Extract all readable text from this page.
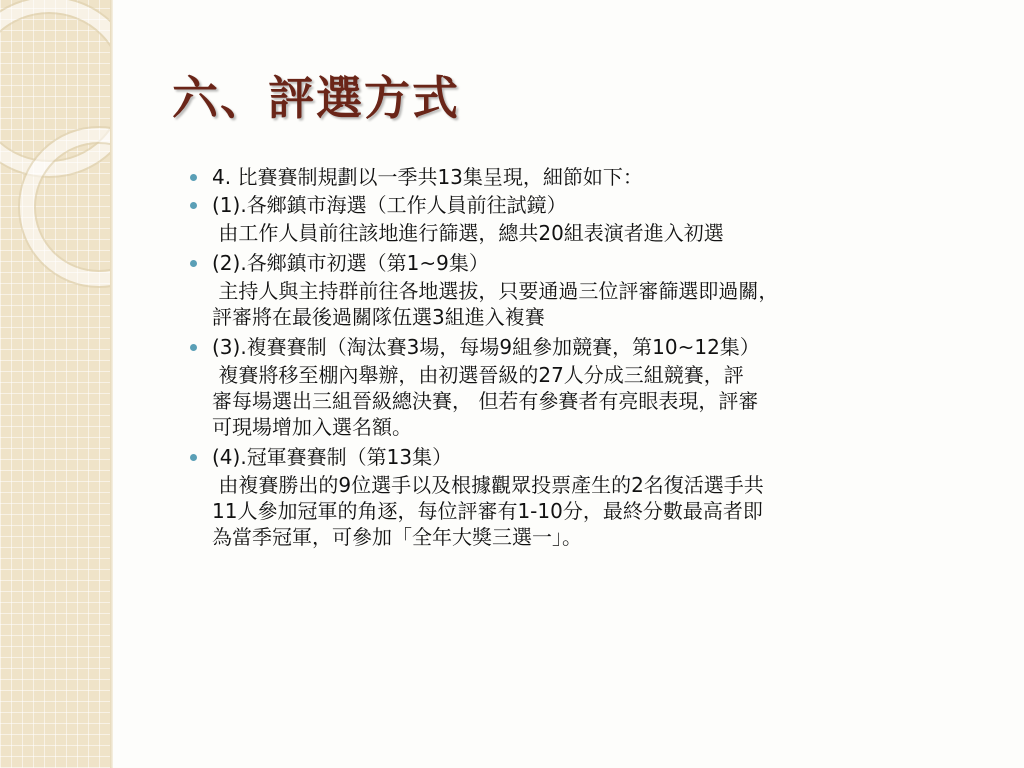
六、評選方式
4. 比賽賽制規劃以一季共13集呈現，細節如下：
(1).各鄉鎮市海選（工作人員前往試鏡）

由工作人員前往該地進行篩選，總共20組表演者進入初選

(2).各鄉鎮市初選（第1~9集）

主持人與主持群前往各地選拔，只要通過三位評審篩選即過關，

評審將在最後過關隊伍選3組進入複賽

(3).複賽賽制（淘汰賽3場，每場9組參加競賽，第10~12集）

複賽將移至棚內舉辦，由初選晉級的27人分成三組競賽，評

審每場選出三組晉級總決賽， 但若有參賽者有亮眼表現，評審

可現場增加入選名額。

(4).冠軍賽賽制（第13集）

由複賽勝出的9位選手以及根據觀眾投票產生的2名復活選手共

11人參加冠軍的角逐，每位評審有1-10分，最終分數最高者即

為當季冠軍，可參加「全年大獎三選一」。
